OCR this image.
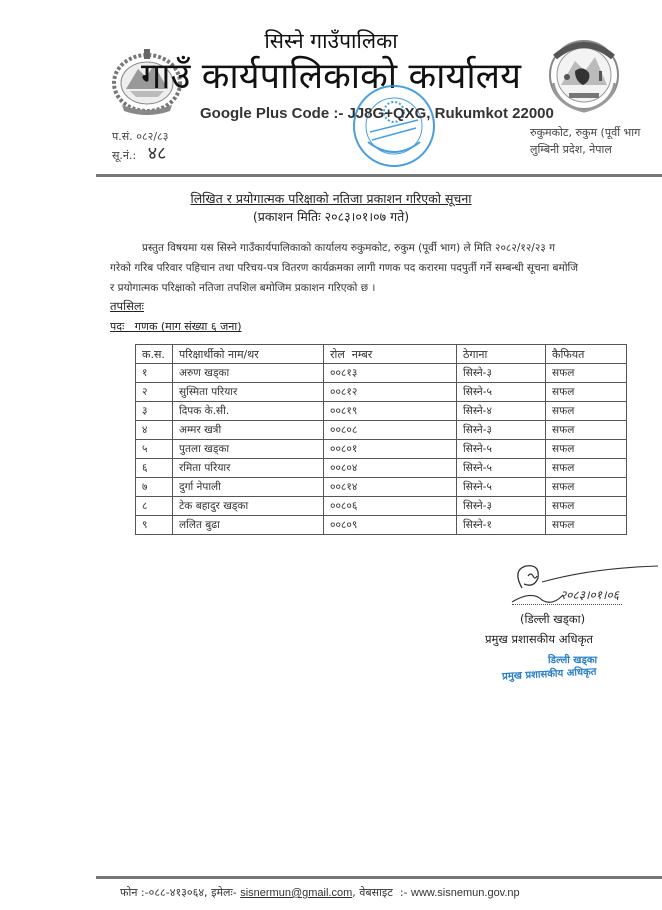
सिस्ने गाउँपालिका
गाउँ कार्यपालिकाको कार्यालय
Google Plus Code :- JJ8G+QXG, Rukumkot 22000
प.सं. ०८२/८३
सू.नं.: ४८
रुकुमकोट, रुकुम (पूर्वी भाग
लुम्बिनी प्रदेश, नेपाल
लिखित र प्रयोगात्मक परिक्षाको नतिजा प्रकाशन गरिएको सूचना
(प्रकाशन मितिः २०८३।०१।०७ गते)

प्रस्तुत विषयमा यस सिस्ने गाउँकार्यपालिकाको कार्यालय रुकुमकोट, रुकुम (पूर्वी भाग) ले मिति २०८२/१२/२३ ग

गरेको गरिब परिवार पहिचान तथा परिचय-पत्र वितरण कार्यक्रमका लागी गणक पद करारमा पदपुर्ती गर्ने सम्बन्धी सूचना बमोजि

र प्रयोगात्मक परिक्षाको नतिजा तपशिल बमोजिम प्रकाशन गरिएको छ ।

तपसिलः
पदः   गणक (माग संख्या ६ जना)
क.स.	परिक्षार्थीको नाम/थर	रोल  नम्बर	ठेगाना	कैफियत
१	अरुण खड्का	००८१३	सिस्ने-३	सफल
२	सुस्मिता परियार	००८१२	सिस्ने-५	सफल
३	दिपक के.सी.	००८१९	सिस्ने-४	सफल
४	अम्मर खत्री	००८०८	सिस्ने-३	सफल
५	पुतला खड्का	००८०१	सिस्ने-५	सफल
६	रमिता परियार	००८०४	सिस्ने-५	सफल
७	दुर्गा नेपाली	००८१४	सिस्ने-५	सफल
८	टेक बहादुर खड्का	००८०६	सिस्ने-३	सफल
९	ललित बुढा	००८०९	सिस्ने-१	सफल
२०८३।०१।०६
(डिल्ली खड्का)
प्रमुख प्रशासकीय अधिकृत
डिल्ली खड्का
प्रमुख प्रशासकीय अधिकृत
फोन :-०८८-४१३०६४, इमेलः- sisnermun@gmail.com, वेबसाइट  :- www.sisnemun.gov.np
